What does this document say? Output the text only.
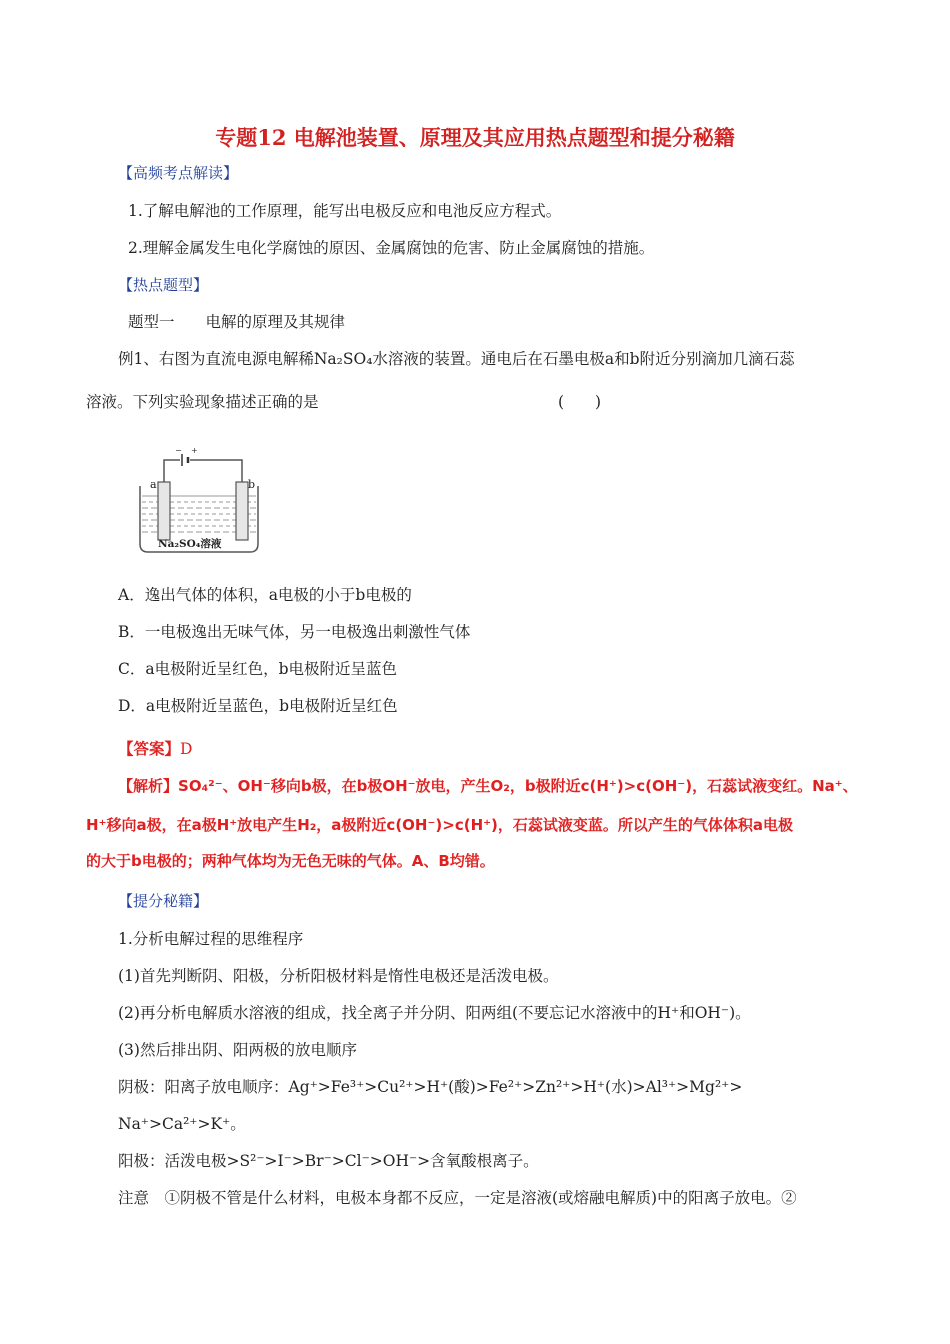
专题12 电解池装置、原理及其应用热点题型和提分秘籍
【高频考点解读】
1.了解电解池的工作原理，能写出电极反应和电池反应方程式。
2.理解金属发生电化学腐蚀的原因、金属腐蚀的危害、防止金属腐蚀的措施。
【热点题型】
题型一　　电解的原理及其规律
例1、右图为直流电源电解稀Na₂SO₄水溶液的装置。通电后在石墨电极a和b附近分别滴加几滴石蕊
溶液。下列实验现象描述正确的是	(　　)
− +
a	b
Na₂SO₄溶液
A．逸出气体的体积，a电极的小于b电极的
B．一电极逸出无味气体，另一电极逸出刺激性气体
C．a电极附近呈红色，b电极附近呈蓝色
D．a电极附近呈蓝色，b电极附近呈红色
【答案】D
【解析】SO₄²⁻、OH⁻移向b极，在b极OH⁻放电，产生O₂，b极附近c(H⁺)>c(OH⁻)，石蕊试液变红。Na⁺、
H⁺移向a极，在a极H⁺放电产生H₂，a极附近c(OH⁻)>c(H⁺)，石蕊试液变蓝。所以产生的气体体积a电极
的大于b电极的；两种气体均为无色无味的气体。A、B均错。
【提分秘籍】
1.分析电解过程的思维程序
(1)首先判断阴、阳极，分析阳极材料是惰性电极还是活泼电极。
(2)再分析电解质水溶液的组成，找全离子并分阴、阳两组(不要忘记水溶液中的H⁺和OH⁻)。
(3)然后排出阴、阳两极的放电顺序
阴极：阳离子放电顺序：Ag⁺>Fe³⁺>Cu²⁺>H⁺(酸)>Fe²⁺>Zn²⁺>H⁺(水)>Al³⁺>Mg²⁺>
Na⁺>Ca²⁺>K⁺。
阳极：活泼电极>S²⁻>I⁻>Br⁻>Cl⁻>OH⁻>含氧酸根离子。
注意　①阴极不管是什么材料，电极本身都不反应，一定是溶液(或熔融电解质)中的阳离子放电。②
